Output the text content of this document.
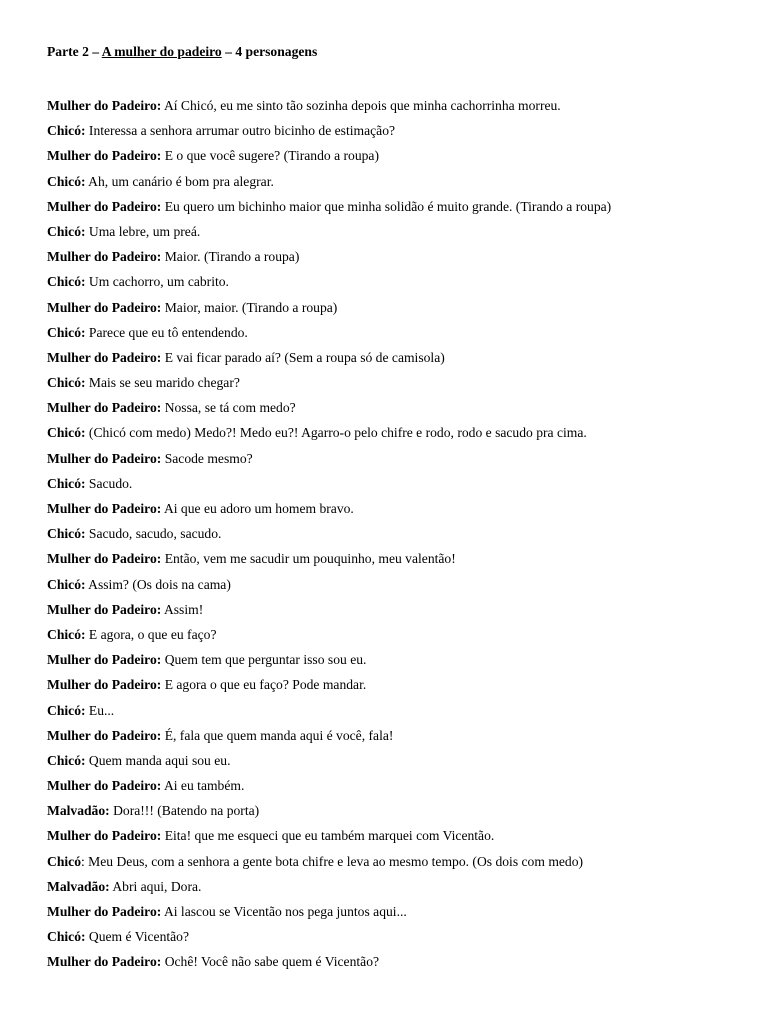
Parte 2 – A mulher do padeiro – 4 personagens

Mulher do Padeiro: Aí Chicó, eu me sinto tão sozinha depois que minha cachorrinha morreu.
Chicó: Interessa a senhora arrumar outro bicinho de estimação?
Mulher do Padeiro: E o que você sugere? (Tirando a roupa)
Chicó: Ah, um canário é bom pra alegrar.
Mulher do Padeiro: Eu quero um bichinho maior que minha solidão é muito grande. (Tirando a roupa)
Chicó: Uma lebre, um preá.
Mulher do Padeiro: Maior. (Tirando a roupa)
Chicó: Um cachorro, um cabrito.
Mulher do Padeiro: Maior, maior. (Tirando a roupa)
Chicó: Parece que eu tô entendendo.
Mulher do Padeiro: E vai ficar parado aí? (Sem a roupa só de camisola)
Chicó: Mais se seu marido chegar?
Mulher do Padeiro: Nossa, se tá com medo?
Chicó: (Chicó com medo) Medo?! Medo eu?! Agarro-o pelo chifre e rodo, rodo e sacudo pra cima.
Mulher do Padeiro: Sacode mesmo?
Chicó: Sacudo.
Mulher do Padeiro: Ai que eu adoro um homem bravo.
Chicó: Sacudo, sacudo, sacudo.
Mulher do Padeiro: Então, vem me sacudir um pouquinho, meu valentão!
Chicó: Assim? (Os dois na cama)
Mulher do Padeiro: Assim!
Chicó: E agora, o que eu faço?
Mulher do Padeiro: Quem tem que perguntar isso sou eu.
Mulher do Padeiro: E agora o que eu faço? Pode mandar.
Chicó: Eu...
Mulher do Padeiro: É, fala que quem manda aqui é você, fala!
Chicó: Quem manda aqui sou eu.
Mulher do Padeiro: Ai eu também.
Malvadão: Dora!!! (Batendo na porta)
Mulher do Padeiro: Eita! que me esqueci que eu também marquei com Vicentão.
Chicó: Meu Deus, com a senhora a gente bota chifre e leva ao mesmo tempo. (Os dois com medo)
Malvadão: Abri aqui, Dora.
Mulher do Padeiro: Ai lascou se Vicentão nos pega juntos aqui...
Chicó: Quem é Vicentão?
Mulher do Padeiro: Ochê! Você não sabe quem é Vicentão?
